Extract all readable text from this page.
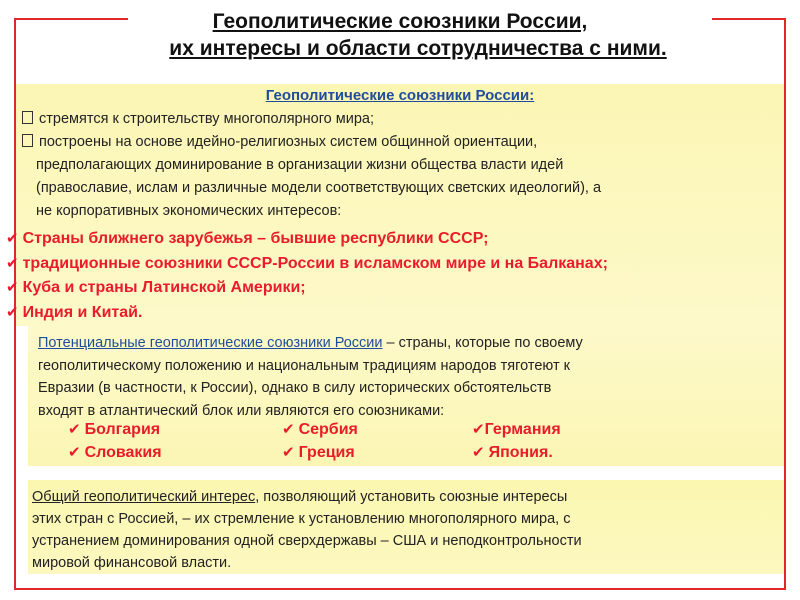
Геополитические союзники России,
их интересы и области сотрудничества с ними.
Геополитические союзники России:
стремятся к строительству многополярного мира;
построены на основе идейно-религиозных систем общинной ориентации,
предполагающих доминирование в организации жизни общества власти идей
(православие, ислам и различные модели соответствующих светских идеологий), а
не корпоративных экономических интересов:
✔ Страны ближнего зарубежья – бывшие республики СССР;
✔ традиционные союзники СССР-России в исламском мире и на Балканах;
✔ Куба и страны Латинской Америки;
✔ Индия и Китай.
Потенциальные геополитические союзники России – страны, которые по своему
геополитическому положению и национальным традициям народов тяготеют к
Евразии (в частности, к России), однако в силу исторических обстоятельств
входят в атлантический блок или являются его союзниками:
✔ Болгария	✔ Сербия	✔Германия
✔ Словакия	✔ Греция	✔ Япония.
Общий геополитический интерес, позволяющий установить союзные интересы
этих стран с Россией, – их стремление к установлению многополярного мира, с
устранением доминирования одной сверхдержавы – США и неподконтрольности
мировой финансовой власти.
